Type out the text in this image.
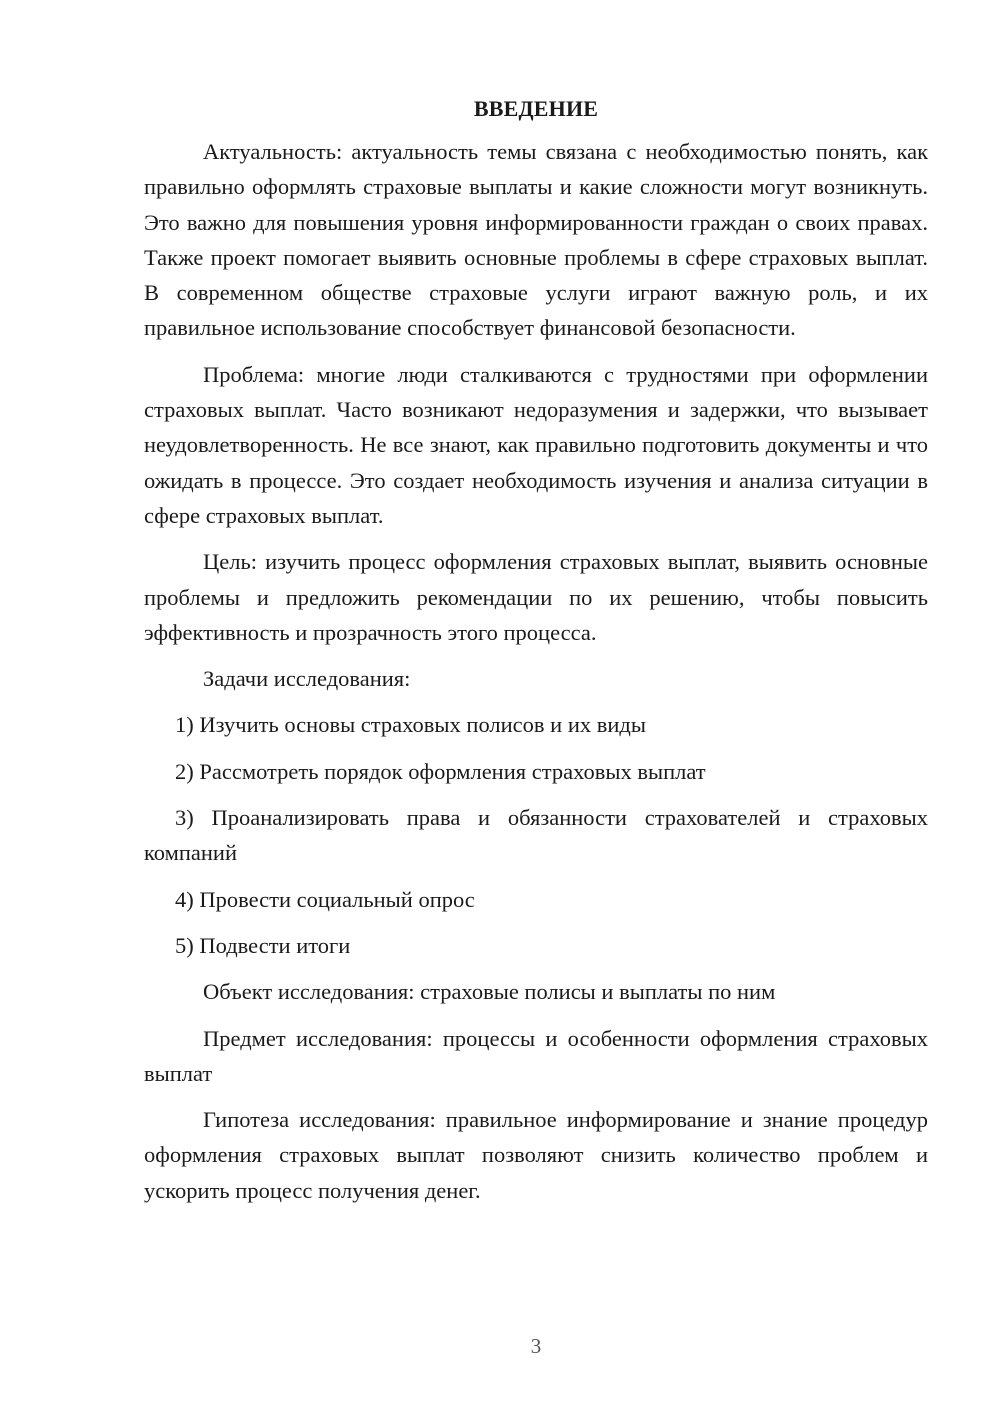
ВВЕДЕНИЕ

Актуальность: актуальность темы связана с необходимостью понять, как правильно оформлять страховые выплаты и какие сложности могут возникнуть. Это важно для повышения уровня информированности граждан о своих правах. Также проект помогает выявить основные проблемы в сфере страховых выплат. В современном обществе страховые услуги играют важную роль, и их правильное использование способствует финансовой безопасности.

Проблема: многие люди сталкиваются с трудностями при оформлении страховых выплат. Часто возникают недоразумения и задержки, что вызывает неудовлетворенность. Не все знают, как правильно подготовить документы и что ожидать в процессе. Это создает необходимость изучения и анализа ситуации в сфере страховых выплат.

Цель: изучить процесс оформления страховых выплат, выявить основные проблемы и предложить рекомендации по их решению, чтобы повысить эффективность и прозрачность этого процесса.

Задачи исследования:

1) Изучить основы страховых полисов и их виды

2) Рассмотреть порядок оформления страховых выплат

3) Проанализировать права и обязанности страхователей и страховых компаний

4) Провести социальный опрос

5) Подвести итоги

Объект исследования: страховые полисы и выплаты по ним

Предмет исследования: процессы и особенности оформления страховых выплат

Гипотеза исследования: правильное информирование и знание процедур оформления страховых выплат позволяют снизить количество проблем и ускорить процесс получения денег.

3
